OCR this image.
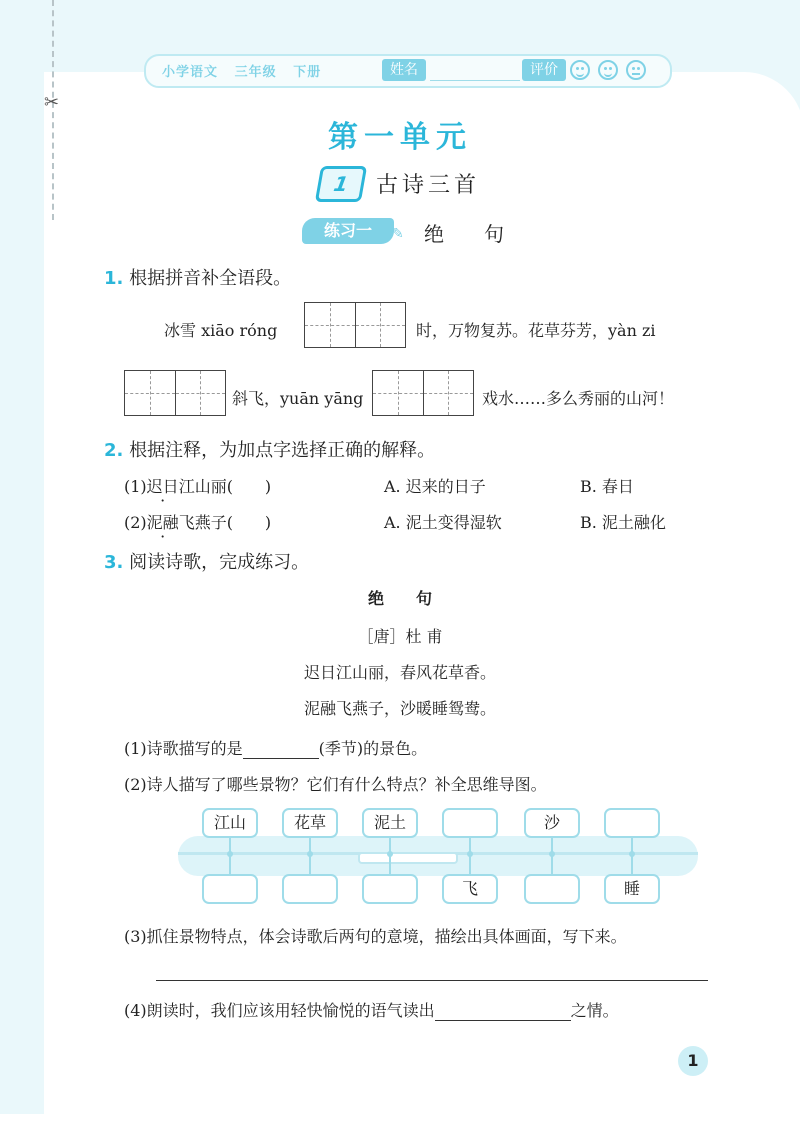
✂
小学语文 三年级 下册	姓名	评价
第一单元
1	古诗三首
练习一	✎ 绝句
1. 根据拼音补全语段。
冰雪 xiāo róng	时，万物复苏。花草芬芳，yàn zi
斜飞，yuān yāng	戏水……多么秀丽的山河！
2. 根据注释，为加点字选择正确的解释。
(1)迟日江山丽(　　)	A. 迟来的日子	B. 春日
(2)泥融飞燕子(　　)	A. 泥土变得湿软	B. 泥土融化
3. 阅读诗歌，完成练习。
绝　　句
［唐］杜 甫
迟日江山丽，春风花草香。
泥融飞燕子，沙暖睡鸳鸯。
(1)诗歌描写的是	(季节)的景色。
(2)诗人描写了哪些景物？它们有什么特点？补全思维导图。
江山	花草	泥土	沙
飞	睡
(3)抓住景物特点，体会诗歌后两句的意境，描绘出具体画面，写下来。
(4)朗读时，我们应该用轻快愉悦的语气读出	之情。
1
